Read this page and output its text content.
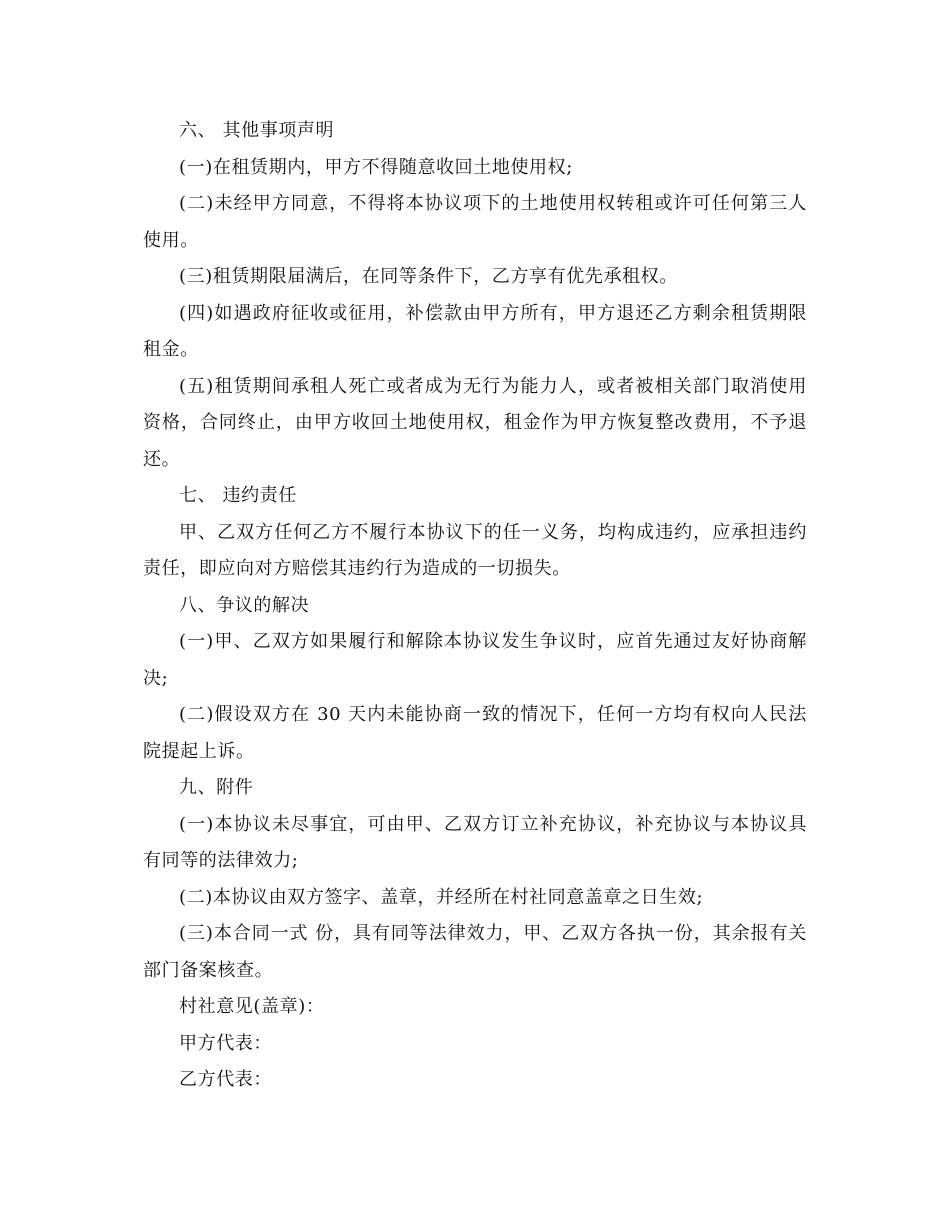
六、 其他事项声明

(一)在租赁期内，甲方不得随意收回土地使用权;

(二)未经甲方同意，不得将本协议项下的土地使用权转租或许可任何第三人使用。

(三)租赁期限届满后，在同等条件下，乙方享有优先承租权。

(四)如遇政府征收或征用，补偿款由甲方所有，甲方退还乙方剩余租赁期限租金。

(五)租赁期间承租人死亡或者成为无行为能力人，或者被相关部门取消使用资格，合同终止，由甲方收回土地使用权，租金作为甲方恢复整改费用，不予退还。

七、 违约责任

甲、乙双方任何乙方不履行本协议下的任一义务，均构成违约，应承担违约责任，即应向对方赔偿其违约行为造成的一切损失。

八、争议的解决

(一)甲、乙双方如果履行和解除本协议发生争议时，应首先通过友好协商解决;

(二)假设双方在 30 天内未能协商一致的情况下，任何一方均有权向人民法院提起上诉。

九、附件

(一)本协议未尽事宜，可由甲、乙双方订立补充协议，补充协议与本协议具有同等的法律效力;

(二)本协议由双方签字、盖章，并经所在村社同意盖章之日生效;

(三)本合同一式 份，具有同等法律效力，甲、乙双方各执一份，其余报有关部门备案核查。

村社意见(盖章)：

甲方代表：

乙方代表：
